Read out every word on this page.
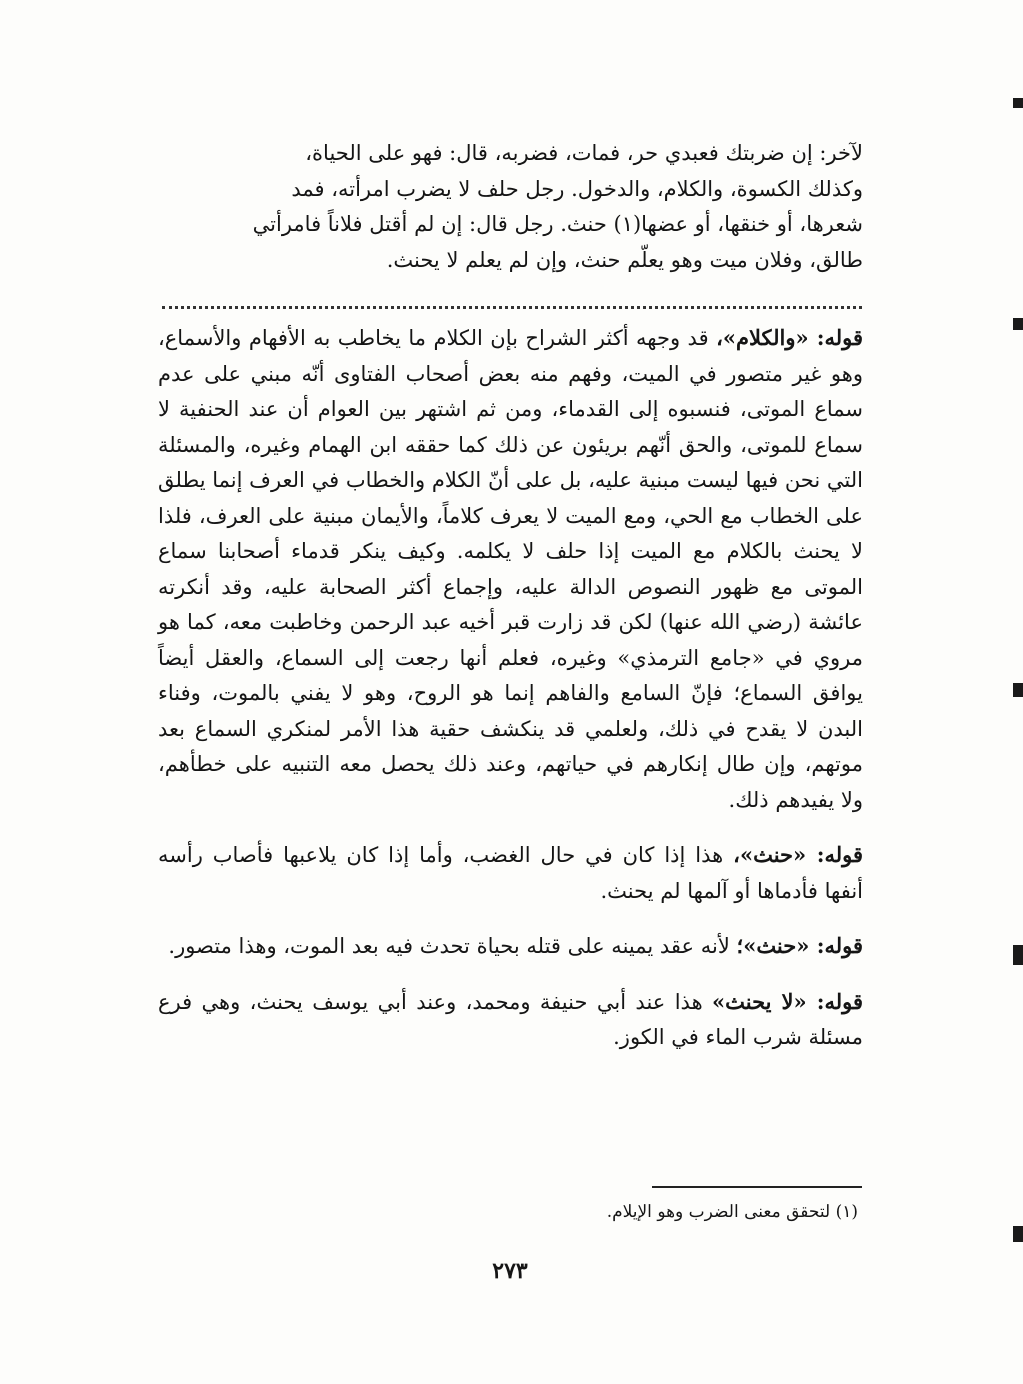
لآخر: إن ضربتك فعبدي حر، فمات، فضربه، قال: فهو على الحياة،
وكذلك الكسوة، والكلام، والدخول. رجل حلف لا يضرب امرأته، فمد
شعرها، أو خنقها، أو عضها(١) حنث. رجل قال: إن لم أقتل فلاناً فامرأتي
طالق، وفلان ميت وهو يعلّم حنث، وإن لم يعلم لا يحنث.

قوله: «والكلام»، قد وجهه أكثر الشراح بإن الكلام ما يخاطب به الأفهام والأسماع، وهو غير متصور في الميت، وفهم منه بعض أصحاب الفتاوى أنّه مبني على عدم سماع الموتى، فنسبوه إلى القدماء، ومن ثم اشتهر بين العوام أن عند الحنفية لا سماع للموتى، والحق أنّهم بريئون عن ذلك كما حققه ابن الهمام وغيره، والمسئلة التي نحن فيها ليست مبنية عليه، بل على أنّ الكلام والخطاب في العرف إنما يطلق على الخطاب مع الحي، ومع الميت لا يعرف كلاماً، والأيمان مبنية على العرف، فلذا لا يحنث بالكلام مع الميت إذا حلف لا يكلمه. وكيف ينكر قدماء أصحابنا سماع الموتى مع ظهور النصوص الدالة عليه، وإجماع أكثر الصحابة عليه، وقد أنكرته عائشة (رضي الله عنها) لكن قد زارت قبر أخيه عبد الرحمن وخاطبت معه، كما هو مروي في «جامع الترمذي» وغيره، فعلم أنها رجعت إلى السماع، والعقل أيضاً يوافق السماع؛ فإنّ السامع والفاهم إنما هو الروح، وهو لا يفني بالموت، وفناء البدن لا يقدح في ذلك، ولعلمي قد ينكشف حقية هذا الأمر لمنكري السماع بعد موتهم، وإن طال إنكارهم في حياتهم، وعند ذلك يحصل معه التنبيه على خطأهم، ولا يفيدهم ذلك.

قوله: «حنث»، هذا إذا كان في حال الغضب، وأما إذا كان يلاعبها فأصاب رأسه أنفها فأدماها أو آلمها لم يحنث.

قوله: «حنث»؛ لأنه عقد يمينه على قتله بحياة تحدث فيه بعد الموت، وهذا متصور.

قوله: «لا يحنث» هذا عند أبي حنيفة ومحمد، وعند أبي يوسف يحنث، وهي فرع مسئلة شرب الماء في الكوز.

(١) لتحقق معنى الضرب وهو الإيلام.
٢٧٣
